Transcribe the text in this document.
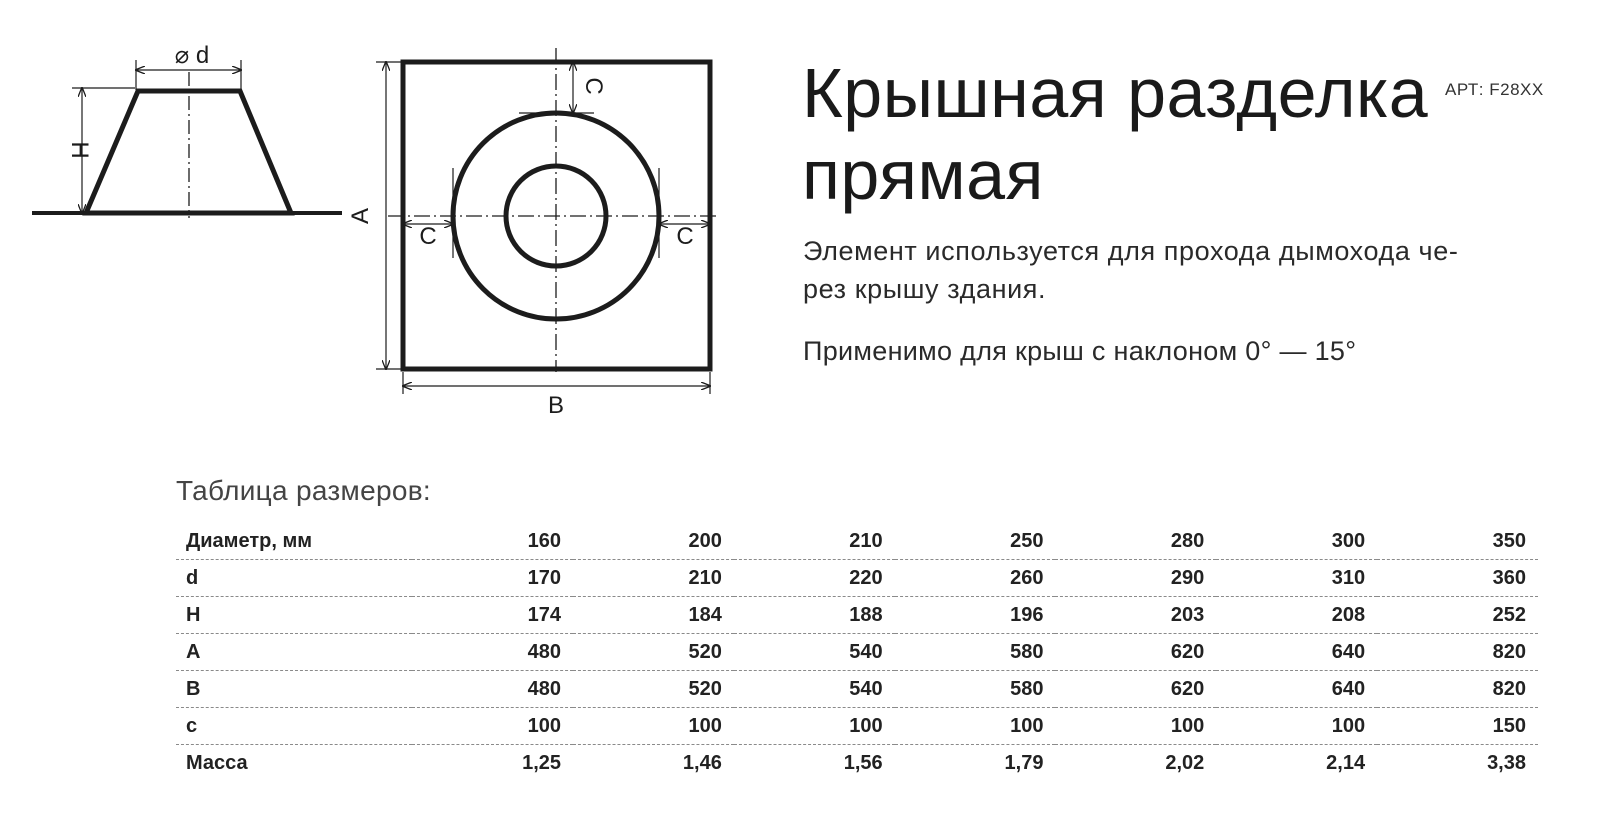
⌀ d
H
A
B
C
C	C
Крышная разделка
прямая
АРТ: F28XX

Элемент используется для прохода дымохода че-
рез крышу здания.

Применимо для крыш с наклоном 0° — 15°

Таблица размеров:
Диаметр, мм	160	200	210	250	280	300	350
d	170	210	220	260	290	310	360
H	174	184	188	196	203	208	252
A	480	520	540	580	620	640	820
B	480	520	540	580	620	640	820
c	100	100	100	100	100	100	150
Масса	1,25	1,46	1,56	1,79	2,02	2,14	3,38
